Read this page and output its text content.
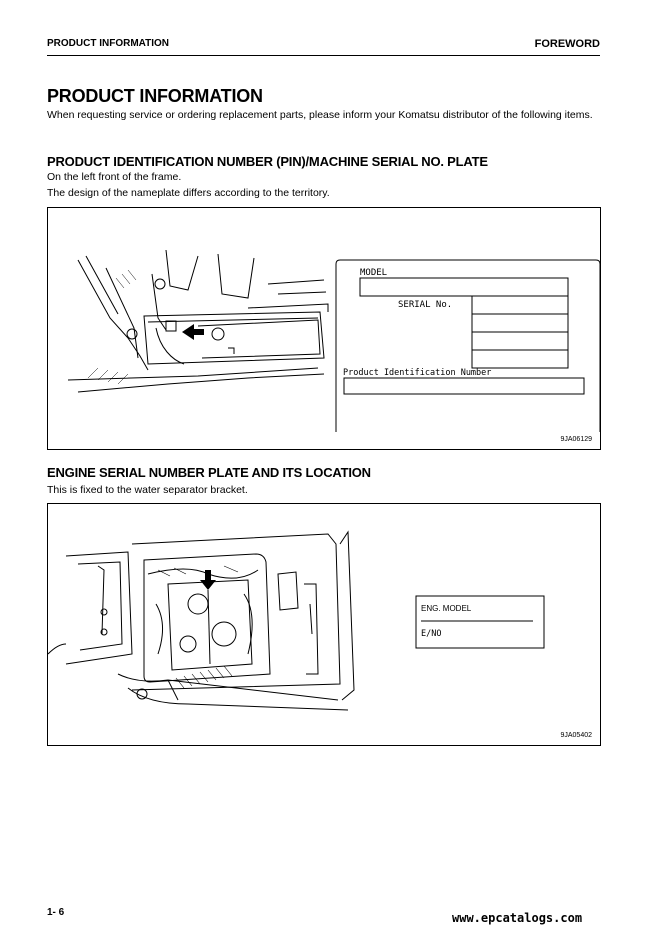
PRODUCT INFORMATION	FOREWORD
PRODUCT INFORMATION
When requesting service or ordering replacement parts, please inform your Komatsu distributor of the following items.
PRODUCT IDENTIFICATION NUMBER (PIN)/MACHINE SERIAL NO. PLATE
On the left front of the frame.
The design of the nameplate differs according to the territory.
MODEL
SERIAL No.
Product Identification Number
9JA06129
ENGINE SERIAL NUMBER PLATE AND ITS LOCATION
This is fixed to the water separator bracket.
ENG. MODEL
E/NO
9JA05402
1- 6	www.epcatalogs.com
